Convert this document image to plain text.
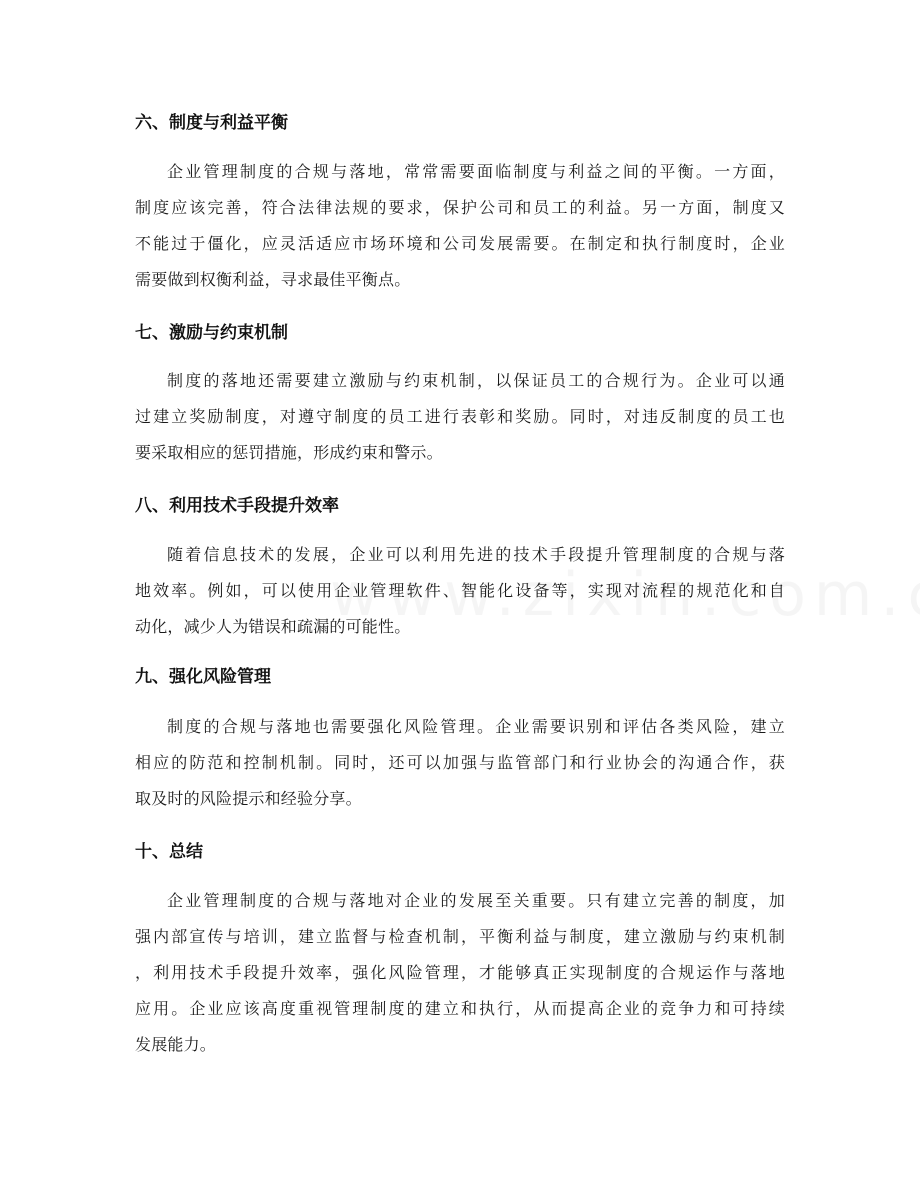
六、制度与利益平衡
企业管理制度的合规与落地，常常需要面临制度与利益之间的平衡。一方面，
制度应该完善，符合法律法规的要求，保护公司和员工的利益。另一方面，制度又
不能过于僵化，应灵活适应市场环境和公司发展需要。在制定和执行制度时，企业
需要做到权衡利益，寻求最佳平衡点。
七、激励与约束机制
制度的落地还需要建立激励与约束机制，以保证员工的合规行为。企业可以通
过建立奖励制度，对遵守制度的员工进行表彰和奖励。同时，对违反制度的员工也
要采取相应的惩罚措施，形成约束和警示。
八、利用技术手段提升效率
随着信息技术的发展，企业可以利用先进的技术手段提升管理制度的合规与落
地效率。例如，可以使用企业管理软件、智能化设备等，实现对流程的规范化和自
动化，减少人为错误和疏漏的可能性。
九、强化风险管理
制度的合规与落地也需要强化风险管理。企业需要识别和评估各类风险，建立
相应的防范和控制机制。同时，还可以加强与监管部门和行业协会的沟通合作，获
取及时的风险提示和经验分享。
十、总结
企业管理制度的合规与落地对企业的发展至关重要。只有建立完善的制度，加
强内部宣传与培训，建立监督与检查机制，平衡利益与制度，建立激励与约束机制
，利用技术手段提升效率，强化风险管理，才能够真正实现制度的合规运作与落地
应用。企业应该高度重视管理制度的建立和执行，从而提高企业的竞争力和可持续
发展能力。
